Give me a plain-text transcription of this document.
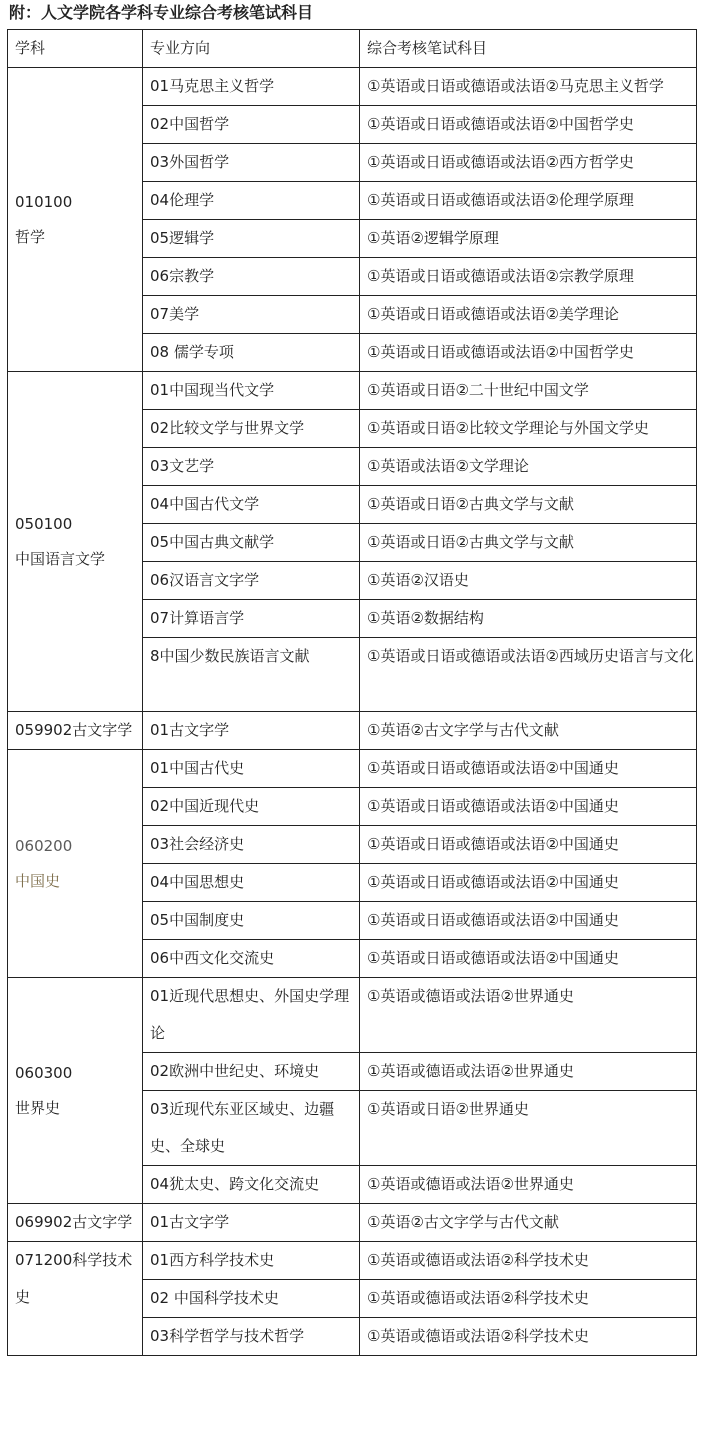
附：人文学院各学科专业综合考核笔试科目
学科	专业方向	综合考核笔试科目

010100
哲学	01马克思主义哲学	①英语或日语或德语或法语②马克思主义哲学
	02中国哲学	①英语或日语或德语或法语②中国哲学史
	03外国哲学	①英语或日语或德语或法语②西方哲学史
	04伦理学	①英语或日语或德语或法语②伦理学原理
	05逻辑学	①英语②逻辑学原理
	06宗教学	①英语或日语或德语或法语②宗教学原理
	07美学	①英语或日语或德语或法语②美学理论
	08 儒学专项	①英语或日语或德语或法语②中国哲学史

050100
中国语言文学	01中国现当代文学	①英语或日语②二十世纪中国文学
	02比较文学与世界文学	①英语或日语②比较文学理论与外国文学史
	03文艺学	①英语或法语②文学理论
	04中国古代文学	①英语或日语②古典文学与文献
	05中国古典文献学	①英语或日语②古典文学与文献
	06汉语言文字学	①英语②汉语史
	07计算语言学	①英语②数据结构
	8中国少数民族语言文献	①英语或日语或德语或法语②西域历史语言与文化
059902古文字学	01古文字学	①英语②古文字学与古代文献

060200
中国史	01中国古代史	①英语或日语或德语或法语②中国通史
	02中国近现代史	①英语或日语或德语或法语②中国通史
	03社会经济史	①英语或日语或德语或法语②中国通史
	04中国思想史	①英语或日语或德语或法语②中国通史
	05中国制度史	①英语或日语或德语或法语②中国通史
	06中西文化交流史	①英语或日语或德语或法语②中国通史

060300
世界史	01近现代思想史、外国史学理论	①英语或德语或法语②世界通史
	02欧洲中世纪史、环境史	①英语或德语或法语②世界通史
	03近现代东亚区域史、边疆史、全球史	①英语或日语②世界通史
	04犹太史、跨文化交流史	①英语或德语或法语②世界通史
069902古文字学	01古文字学	①英语②古文字学与古代文献
071200科学技术史	01西方科学技术史	①英语或德语或法语②科学技术史
	02 中国科学技术史	①英语或德语或法语②科学技术史
	03科学哲学与技术哲学	①英语或德语或法语②科学技术史
